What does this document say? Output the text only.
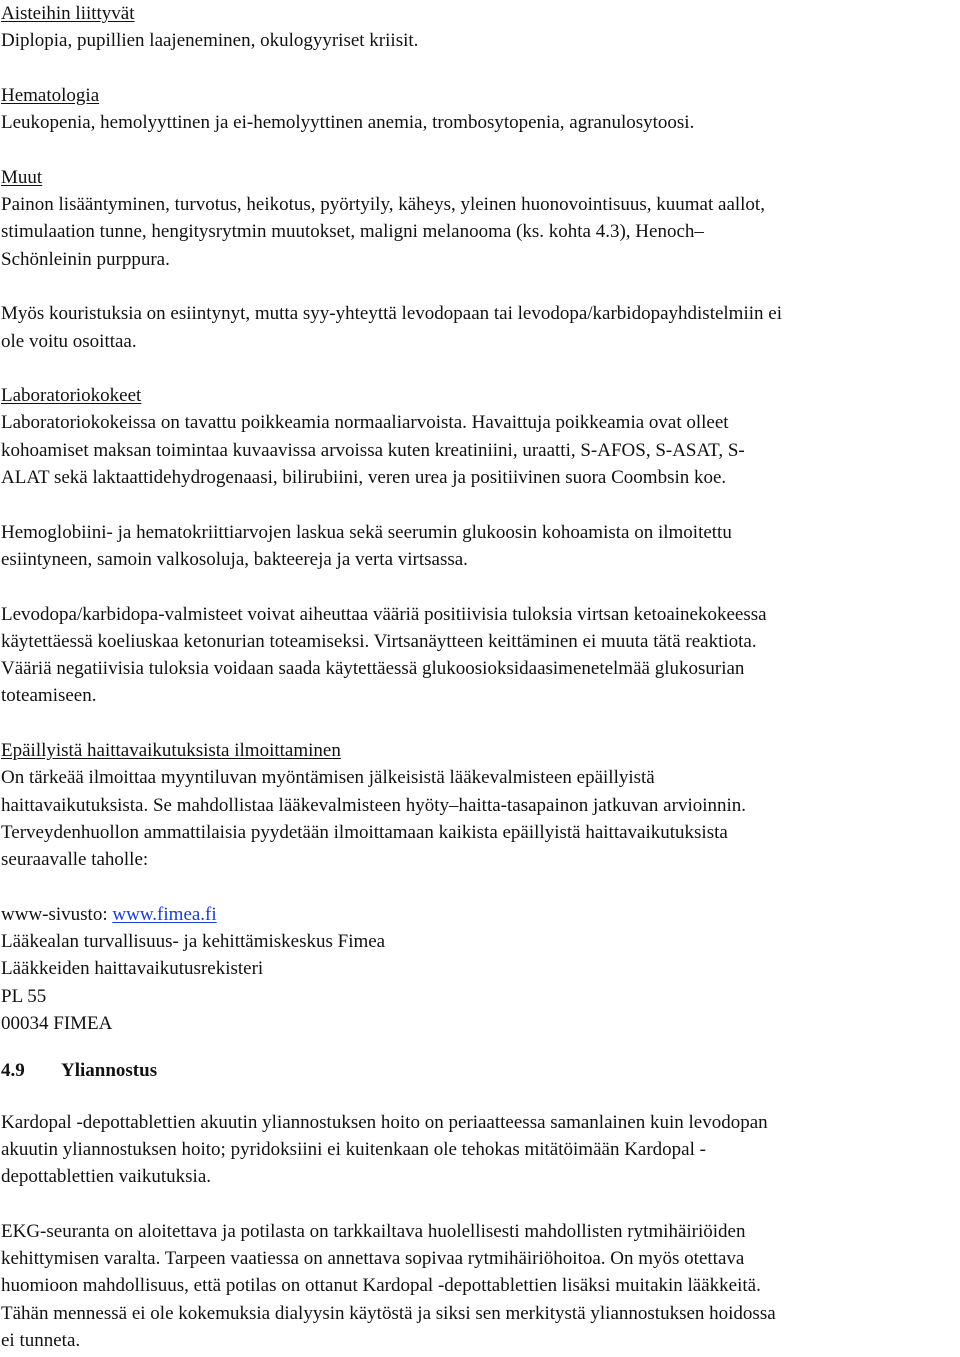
Aisteihin liittyvät
Diplopia, pupillien laajeneminen, okulogyyriset kriisit.
Hematologia
Leukopenia, hemolyyttinen ja ei-hemolyyttinen anemia, trombosytopenia, agranulosytoosi.
Muut
Painon lisääntyminen, turvotus, heikotus, pyörtyily, käheys, yleinen huonovointisuus, kuumat aallot,
stimulaation tunne, hengitysrytmin muutokset, maligni melanooma (ks. kohta 4.3), Henoch–
Schönleinin purppura.
Myös kouristuksia on esiintynyt, mutta syy-yhteyttä levodopaan tai levodopa/karbidopayhdistelmiin ei
ole voitu osoittaa.
Laboratoriokokeet
Laboratoriokokeissa on tavattu poikkeamia normaaliarvoista. Havaittuja poikkeamia ovat olleet
kohoamiset maksan toimintaa kuvaavissa arvoissa kuten kreatiniini, uraatti, S-AFOS, S-ASAT, S-
ALAT sekä laktaattidehydrogenaasi, bilirubiini, veren urea ja positiivinen suora Coombsin koe.
Hemoglobiini- ja hematokriittiarvojen laskua sekä seerumin glukoosin kohoamista on ilmoitettu
esiintyneen, samoin valkosoluja, bakteereja ja verta virtsassa.
Levodopa/karbidopa-valmisteet voivat aiheuttaa vääriä positiivisia tuloksia virtsan ketoainekokeessa
käytettäessä koeliuskaa ketonurian toteamiseksi. Virtsanäytteen keittäminen ei muuta tätä reaktiota.
Vääriä negatiivisia tuloksia voidaan saada käytettäessä glukoosioksidaasimenetelmää glukosurian
toteamiseen.
Epäillyistä haittavaikutuksista ilmoittaminen
On tärkeää ilmoittaa myyntiluvan myöntämisen jälkeisistä lääkevalmisteen epäillyistä
haittavaikutuksista. Se mahdollistaa lääkevalmisteen hyöty–haitta-tasapainon jatkuvan arvioinnin.
Terveydenhuollon ammattilaisia pyydetään ilmoittamaan kaikista epäillyistä haittavaikutuksista
seuraavalle taholle:
www-sivusto: www.fimea.fi
Lääkealan turvallisuus- ja kehittämiskeskus Fimea
Lääkkeiden haittavaikutusrekisteri
PL 55
00034 FIMEA
4.9 Yliannostus
Kardopal -depottablettien akuutin yliannostuksen hoito on periaatteessa samanlainen kuin levodopan
akuutin yliannostuksen hoito; pyridoksiini ei kuitenkaan ole tehokas mitätöimään Kardopal -
depottablettien vaikutuksia.
EKG-seuranta on aloitettava ja potilasta on tarkkailtava huolellisesti mahdollisten rytmihäiriöiden
kehittymisen varalta. Tarpeen vaatiessa on annettava sopivaa rytmihäiriöhoitoa. On myös otettava
huomioon mahdollisuus, että potilas on ottanut Kardopal -depottablettien lisäksi muitakin lääkkeitä.
Tähän mennessä ei ole kokemuksia dialyysin käytöstä ja siksi sen merkitystä yliannostuksen hoidossa
ei tunneta.
